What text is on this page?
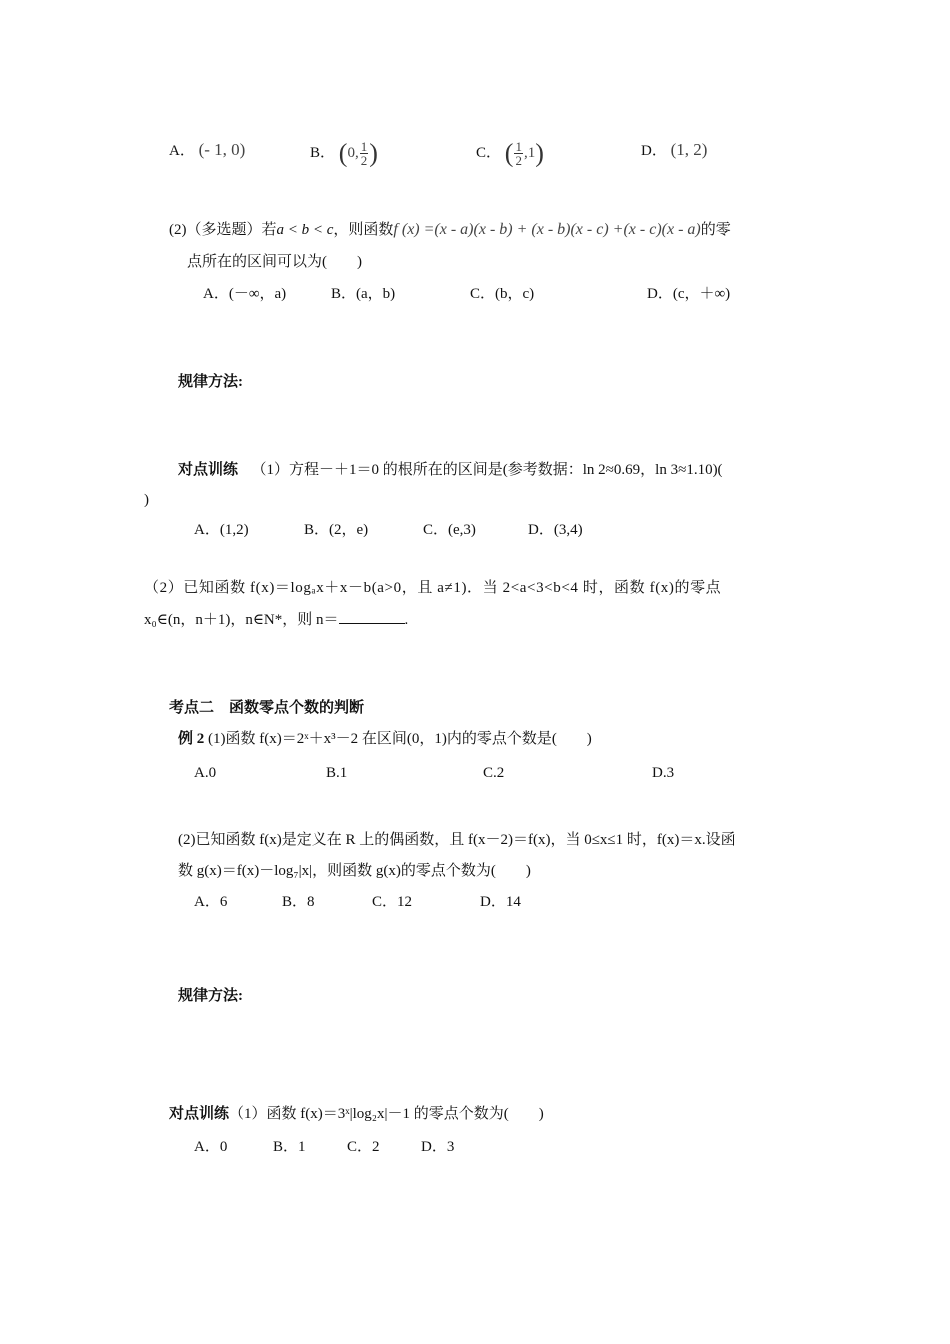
A． (- 1, 0)	B． (0, $\frac{1}{2}$ )	C． ( $\frac{1}{2} ,1$)	D． (1, 2)
(2)（多选题）若a < b < c，则函数f (x) =(x - a)(x - b) + (x - b)(x - c) +(x - c)(x - a)的零
点所在的区间可以为(　　)
A．(－∞，a)	B．(a，b)	C．(b，c)	D．(c，＋∞)
规律方法:
对点训练 （1）方程－＋1＝0 的根所在的区间是(参考数据：ln 2≈0.69，ln 3≈1.10)(
)
A．(1,2)	B．(2，e)	C．(e,3)	D．(3,4)
（2）已知函数 f(x)＝logₐx＋x－b(a>0，且 a≠1)．当 2<a<3<b<4 时，函数 f(x)的零点
x₀∈(n，n＋1)，n∈N*，则 n＝	.
考点二　函数零点个数的判断
例 2 (1)函数 f(x)＝2ˣ＋x³－2 在区间(0，1)内的零点个数是(　　)
A.0	B.1	C.2	D.3
(2)已知函数 f(x)是定义在 R 上的偶函数，且 f(x－2)＝f(x)，当 0≤x≤1 时，f(x)＝x.设函
数 g(x)＝f(x)－log₇|x|，则函数 g(x)的零点个数为(　　)
A．6	B．8	C．12	D．14
规律方法:
对点训练（1）函数 f(x)＝3ˣ|log₂x|－1 的零点个数为(　　)
A．0	B．1	C．2	D．3
